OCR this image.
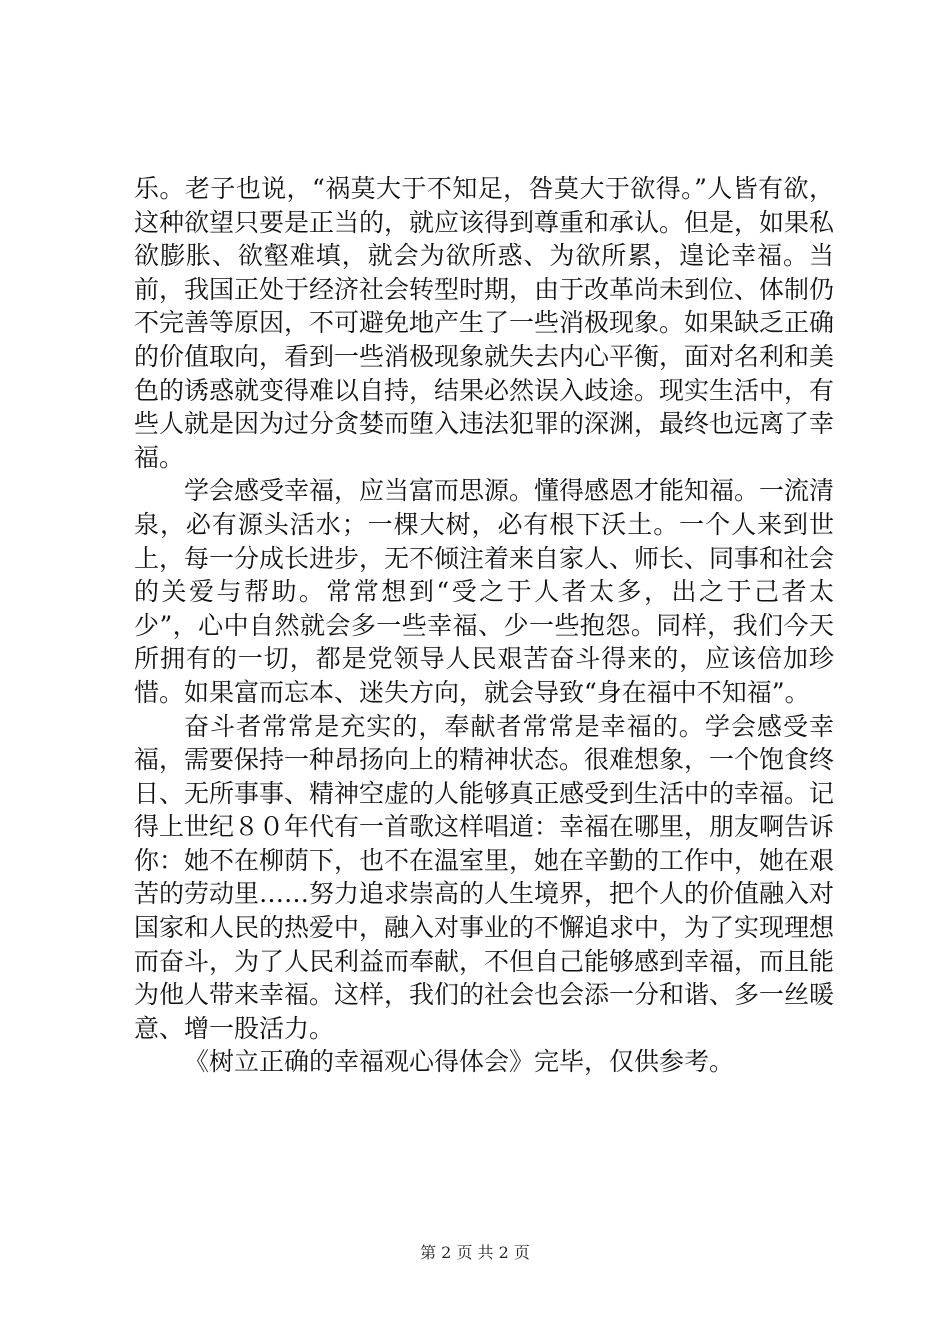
乐。老子也说，“祸莫大于不知足，咎莫大于欲得。”人皆有欲，这种欲望只要是正当的，就应该得到尊重和承认。但是，如果私欲膨胀、欲壑难填，就会为欲所惑、为欲所累，遑论幸福。当前，我国正处于经济社会转型时期，由于改革尚未到位、体制仍不完善等原因，不可避免地产生了一些消极现象。如果缺乏正确的价值取向，看到一些消极现象就失去内心平衡，面对名利和美色的诱惑就变得难以自持，结果必然误入歧途。现实生活中，有些人就是因为过分贪婪而堕入违法犯罪的深渊，最终也远离了幸福。

学会感受幸福，应当富而思源。懂得感恩才能知福。一流清泉，必有源头活水；一棵大树，必有根下沃土。一个人来到世上，每一分成长进步，无不倾注着来自家人、师长、同事和社会的关爱与帮助。常常想到“受之于人者太多，出之于己者太少”，心中自然就会多一些幸福、少一些抱怨。同样，我们今天所拥有的一切，都是党领导人民艰苦奋斗得来的，应该倍加珍惜。如果富而忘本、迷失方向，就会导致“身在福中不知福”。

奋斗者常常是充实的，奉献者常常是幸福的。学会感受幸福，需要保持一种昂扬向上的精神状态。很难想象，一个饱食终日、无所事事、精神空虚的人能够真正感受到生活中的幸福。记得上世纪８０年代有一首歌这样唱道：幸福在哪里，朋友啊告诉你：她不在柳荫下，也不在温室里，她在辛勤的工作中，她在艰苦的劳动里……努力追求崇高的人生境界，把个人的价值融入对国家和人民的热爱中，融入对事业的不懈追求中，为了实现理想而奋斗，为了人民利益而奉献，不但自己能够感到幸福，而且能为他人带来幸福。这样，我们的社会也会添一分和谐、多一丝暖意、增一股活力。

《树立正确的幸福观心得体会》完毕，仅供参考。

第 2 页 共 2 页
